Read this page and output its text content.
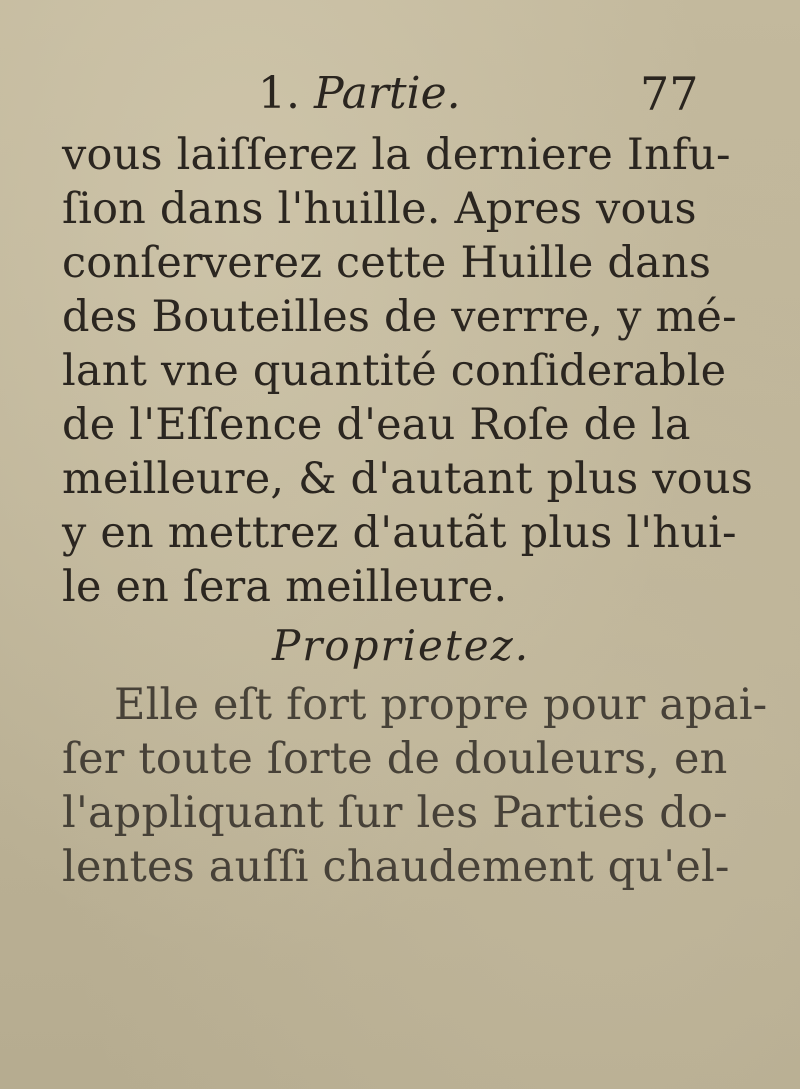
1. Partie.	77
vous laiſſerez la derniere Infu-
ſion dans l'huille. Apres vous
conſerverez cette Huille dans
des Bouteilles de verrre, y mé-
lant vne quantité conſiderable
de l'Eſſence d'eau Roſe de la
meilleure, & d'autant plus vous
y en mettrez d'autãt plus l'hui-
le en ſera meilleure.
Proprietez.
Elle eſt fort propre pour apai-
ſer toute ſorte de douleurs, en
l'appliquant ſur les Parties do-
lentes auſſi chaudement qu'el-
